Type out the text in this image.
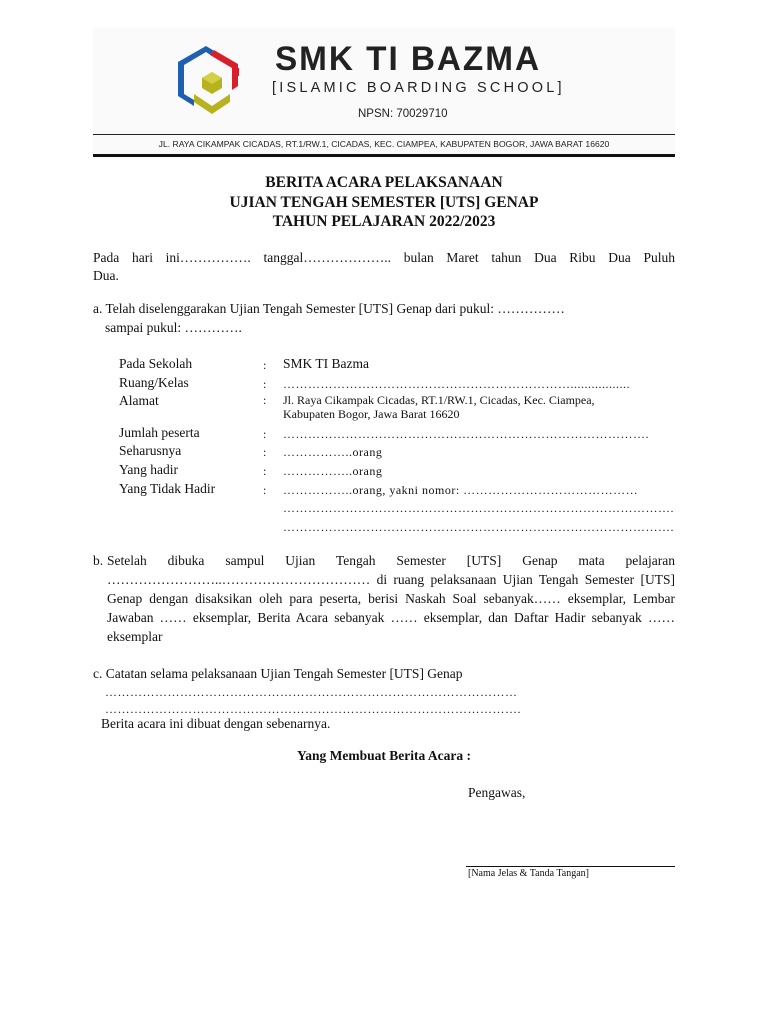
SMK TI BAZMA
[ISLAMIC BOARDING SCHOOL]
NPSN: 70029710
JL. RAYA CIKAMPAK CICADAS, RT.1/RW.1, CICADAS, KEC. CIAMPEA, KABUPATEN BOGOR, JAWA BARAT 16620
BERITA ACARA PELAKSANAAN
UJIAN TENGAH SEMESTER [UTS] GENAP
TAHUN PELAJARAN 2022/2023
Pada hari ini……………. tanggal……………….. bulan Maret tahun Dua Ribu Dua Puluh
Dua.
a. Telah diselenggarakan Ujian Tengah Semester [UTS] Genap dari pukul: ……………
sampai pukul: ………….
Pada Sekolah	: SMK TI Bazma
Ruang/Kelas	: …………………………………………………………….................
Alamat	: Jl. Raya Cikampak Cicadas, RT.1/RW.1, Cicadas, Kec. Ciampea,
Kabupaten Bogor, Jawa Barat 16620
Jumlah peserta	: …………………………………………………………………………….
Seharusnya	: ……………..orang
Yang hadir	: ……………..orang
Yang Tidak Hadir	: ……………..orang, yakni nomor: ……………………………………
………………………………………………………………………………….
………………………………………………………………………………….
b. Setelah dibuka sampul Ujian Tengah Semester [UTS] Genap mata pelajaran ……………………..…………………………… di ruang pelaksanaan Ujian Tengah Semester [UTS] Genap dengan disaksikan oleh para peserta, berisi Naskah Soal sebanyak…… eksemplar, Lembar Jawaban …… eksemplar, Berita Acara sebanyak …… eksemplar, dan Daftar Hadir sebanyak …… eksemplar
c. Catatan selama pelaksanaan Ujian Tengah Semester [UTS] Genap
………………………………………………………………………………………
……………………………………………………………………………………….
Berita acara ini dibuat dengan sebenarnya.
Yang Membuat Berita Acara :
Pengawas,
[Nama Jelas & Tanda Tangan]
